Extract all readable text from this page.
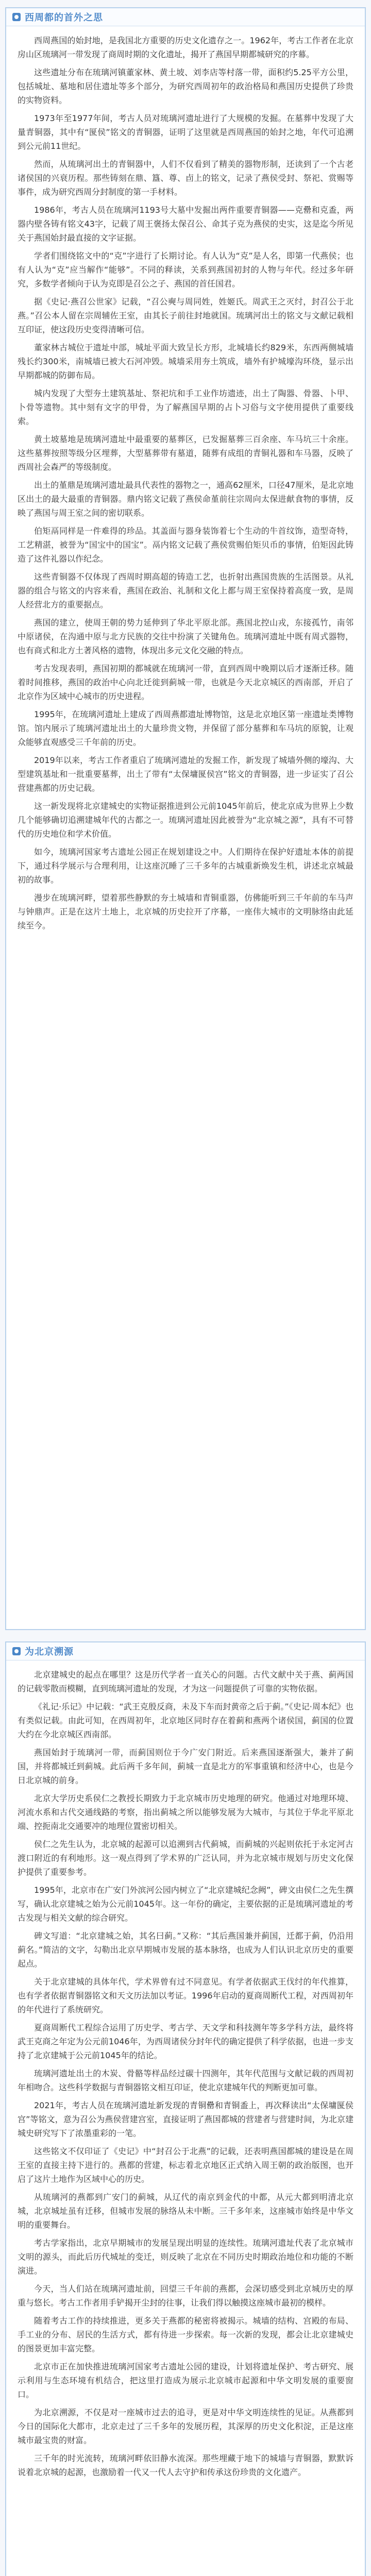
西周都的首外之思

西周燕国的始封地，是我国北方重要的历史文化遗存之一。1962年，考古工作者在北京房山区琉璃河一带发现了商周时期的文化遗址，揭开了燕国早期都城研究的序幕。

这些遗址分布在琉璃河镇董家林、黄土坡、刘李店等村落一带，面积约5.25平方公里，包括城址、墓地和居住遗址等多个部分，为研究西周初年的政治格局和燕国历史提供了珍贵的实物资料。

1973年至1977年间，考古人员对琉璃河遗址进行了大规模的发掘。在墓葬中发现了大量青铜器，其中有“匽侯”铭文的青铜器，证明了这里就是西周燕国的始封之地，年代可追溯到公元前11世纪。

然而，从琉璃河出土的青铜器中，人们不仅看到了精美的器物形制，还读到了一个古老诸侯国的兴衰历程。那些铸刻在鼎、簋、尊、卣上的铭文，记录了燕侯受封、祭祀、赏赐等事件，成为研究西周分封制度的第一手材料。

1986年，考古人员在琉璃河1193号大墓中发掘出两件重要青铜器——克罍和克盉，两器内壁各铸有铭文43字，记载了周王褒扬太保召公、命其子克为燕侯的史实，这是迄今所见关于燕国始封最直接的文字证据。

学者们围绕铭文中的“克”字进行了长期讨论。有人认为“克”是人名，即第一代燕侯；也有人认为“克”应当解作“能够”。不同的释读，关系到燕国初封的人物与年代。经过多年研究，多数学者倾向于认为克即是召公之子、燕国的首任国君。

据《史记·燕召公世家》记载，“召公奭与周同姓，姓姬氏。周武王之灭纣，封召公于北燕。”召公本人留在宗周辅佐王室，由其长子前往封地就国。琉璃河出土的铭文与文献记载相互印证，使这段历史变得清晰可信。

董家林古城位于遗址中部，城址平面大致呈长方形，北城墙长约829米，东西两侧城墙残长约300米，南城墙已被大石河冲毁。城墙采用夯土筑成，墙外有护城壕沟环绕，显示出早期都城的防御布局。

城内发现了大型夯土建筑基址、祭祀坑和手工业作坊遗迹，出土了陶器、骨器、卜甲、卜骨等遗物。其中刻有文字的甲骨，为了解燕国早期的占卜习俗与文字使用提供了重要线索。

黄土坡墓地是琉璃河遗址中最重要的墓葬区，已发掘墓葬三百余座、车马坑三十余座。这些墓葬按照等级分区埋葬，大型墓葬带有墓道，随葬有成组的青铜礼器和车马器，反映了西周社会森严的等级制度。

出土的堇鼎是琉璃河遗址最具代表性的器物之一，通高62厘米，口径47厘米，是北京地区出土的最大最重的青铜器。鼎内铭文记载了燕侯命堇前往宗周向太保进献食物的事情，反映了燕国与周王室之间的密切联系。

伯矩鬲同样是一件难得的珍品。其盖面与器身装饰着七个生动的牛首纹饰，造型奇特，工艺精湛，被誉为“国宝中的国宝”。鬲内铭文记载了燕侯赏赐伯矩贝币的事情，伯矩因此铸造了这件礼器以作纪念。

这些青铜器不仅体现了西周时期高超的铸造工艺，也折射出燕国贵族的生活图景。从礼器的组合与铭文的内容来看，燕国在政治、礼制和文化上都与周王室保持着高度一致，是周人经营北方的重要据点。

燕国的建立，使周王朝的势力延伸到了华北平原北部。燕国北控山戎，东接孤竹，南邻中原诸侯，在沟通中原与北方民族的交往中扮演了关键角色。琉璃河遗址中既有周式器物，也有商式和北方土著风格的遗物，体现出多元文化交融的特点。

考古发现表明，燕国初期的都城就在琉璃河一带，直到西周中晚期以后才逐渐迁移。随着时间推移，燕国的政治中心向北迁徙到蓟城一带，也就是今天北京城区的西南部，开启了北京作为区域中心城市的历史进程。

1995年，在琉璃河遗址上建成了西周燕都遗址博物馆，这是北京地区第一座遗址类博物馆。馆内展示了琉璃河遗址出土的大量珍贵文物，并保留了部分墓葬和车马坑的原貌，让观众能够直观感受三千年前的历史。

2019年以来，考古工作者重启了琉璃河遗址的发掘工作，新发现了城墙外侧的壕沟、大型建筑基址和一批重要墓葬，出土了带有“太保墉匽侯宫”铭文的青铜器，进一步证实了召公营建燕都的历史记载。

这一新发现将北京建城史的实物证据推进到公元前1045年前后，使北京成为世界上少数几个能够确切追溯建城年代的古都之一。琉璃河遗址因此被誉为“北京城之源”，具有不可替代的历史地位和学术价值。

如今，琉璃河国家考古遗址公园正在规划建设之中。人们期待在保护好遗址本体的前提下，通过科学展示与合理利用，让这座沉睡了三千多年的古城重新焕发生机，讲述北京城最初的故事。

漫步在琉璃河畔，望着那些静默的夯土城墙和青铜重器，仿佛能听到三千年前的车马声与钟鼎声。正是在这片土地上，北京城的历史拉开了序幕，一座伟大城市的文明脉络由此延续至今。

为北京溯源

北京建城史的起点在哪里？这是历代学者一直关心的问题。古代文献中关于燕、蓟两国的记载零散而模糊，直到琉璃河遗址的发现，才为这一问题提供了可靠的实物依据。

《礼记·乐记》中记载：“武王克殷反商，未及下车而封黄帝之后于蓟。”《史记·周本纪》也有类似记载。由此可知，在西周初年，北京地区同时存在着蓟和燕两个诸侯国，蓟国的位置大约在今北京城区西南部。

燕国始封于琉璃河一带，而蓟国则位于今广安门附近。后来燕国逐渐强大，兼并了蓟国，并将都城迁到蓟城。此后两千多年间，蓟城一直是北方的军事重镇和经济中心，也是今日北京城的前身。

北京大学历史系侯仁之教授长期致力于北京城市历史地理的研究。他通过对地理环境、河流水系和古代交通线路的考察，指出蓟城之所以能够发展为大城市，与其位于华北平原北端、控扼南北交通要冲的地理位置密切相关。

侯仁之先生认为，北京城的起源可以追溯到古代蓟城，而蓟城的兴起则依托于永定河古渡口附近的有利地形。这一观点得到了学术界的广泛认同，并为北京城市规划与历史文化保护提供了重要参考。

1995年，北京市在广安门外滨河公园内树立了“北京建城纪念阙”，碑文由侯仁之先生撰写，确认北京建城之始为公元前1045年。这一年份的确定，主要依据的正是琉璃河遗址的考古发现与相关文献的综合研究。

碑文写道：“北京建城之始，其名曰蓟。”又称：“其后燕国兼并蓟国，迁都于蓟，仍沿用蓟名。”简洁的文字，勾勒出北京早期城市发展的基本脉络，也成为人们认识北京历史的重要起点。

关于北京建城的具体年代，学术界曾有过不同意见。有学者依据武王伐纣的年代推算，也有学者依据青铜器铭文和天文历法加以考证。1996年启动的夏商周断代工程，对西周初年的年代进行了系统研究。

夏商周断代工程综合运用了历史学、考古学、天文学和科技测年等多学科方法，最终将武王克商之年定为公元前1046年，为西周诸侯分封年代的确定提供了科学依据，也进一步支持了北京建城于公元前1045年的结论。

琉璃河遗址出土的木炭、骨骼等样品经过碳十四测年，其年代范围与文献记载的西周初年相吻合。这些科学数据与青铜器铭文相互印证，使北京建城年代的判断更加可靠。

2021年，考古人员在琉璃河遗址新发现的青铜罍和青铜盉上，再次释读出“太保墉匽侯宫”等铭文，意为召公为燕侯营建宫室，直接证明了燕国都城的营建者与营建时间，为北京建城史研究写下了浓墨重彩的一笔。

这些铭文不仅印证了《史记》中“封召公于北燕”的记载，还表明燕国都城的建设是在周王室的直接主持下进行的。燕都的营建，标志着北京地区正式纳入周王朝的政治版图，也开启了这片土地作为区域中心的历史。

从琉璃河的燕都到广安门的蓟城，从辽代的南京到金代的中都，从元大都到明清北京城，北京城址虽有迁移，但城市发展的脉络从未中断。三千多年来，这座城市始终是中华文明的重要舞台。

考古学家指出，北京早期城市的发展呈现出明显的连续性。琉璃河遗址代表了北京城市文明的源头，而此后历代城址的变迁，则反映了北京在不同历史时期政治地位和功能的不断演进。

今天，当人们站在琉璃河遗址前，回望三千年前的燕都，会深切感受到北京城历史的厚重与悠长。考古工作者用手铲揭开尘封的往事，让我们得以触摸这座城市最初的模样。

随着考古工作的持续推进，更多关于燕都的秘密将被揭示。城墙的结构、宫殿的布局、手工业的分布、居民的生活方式，都有待进一步探索。每一次新的发现，都会让北京建城史的图景更加丰富完整。

北京市正在加快推进琉璃河国家考古遗址公园的建设，计划将遗址保护、考古研究、展示利用与生态环境有机结合，把这里打造成为展示北京城市起源和中华文明发展的重要窗口。

为北京溯源，不仅是对一座城市过去的追寻，更是对中华文明连续性的见证。从燕都到今日的国际化大都市，北京走过了三千多年的发展历程，其深厚的历史文化积淀，正是这座城市最宝贵的财富。

三千年的时光流转，琉璃河畔依旧静水流深。那些埋藏于地下的城墙与青铜器，默默诉说着北京城的起源，也激励着一代又一代人去守护和传承这份珍贵的文化遗产。
